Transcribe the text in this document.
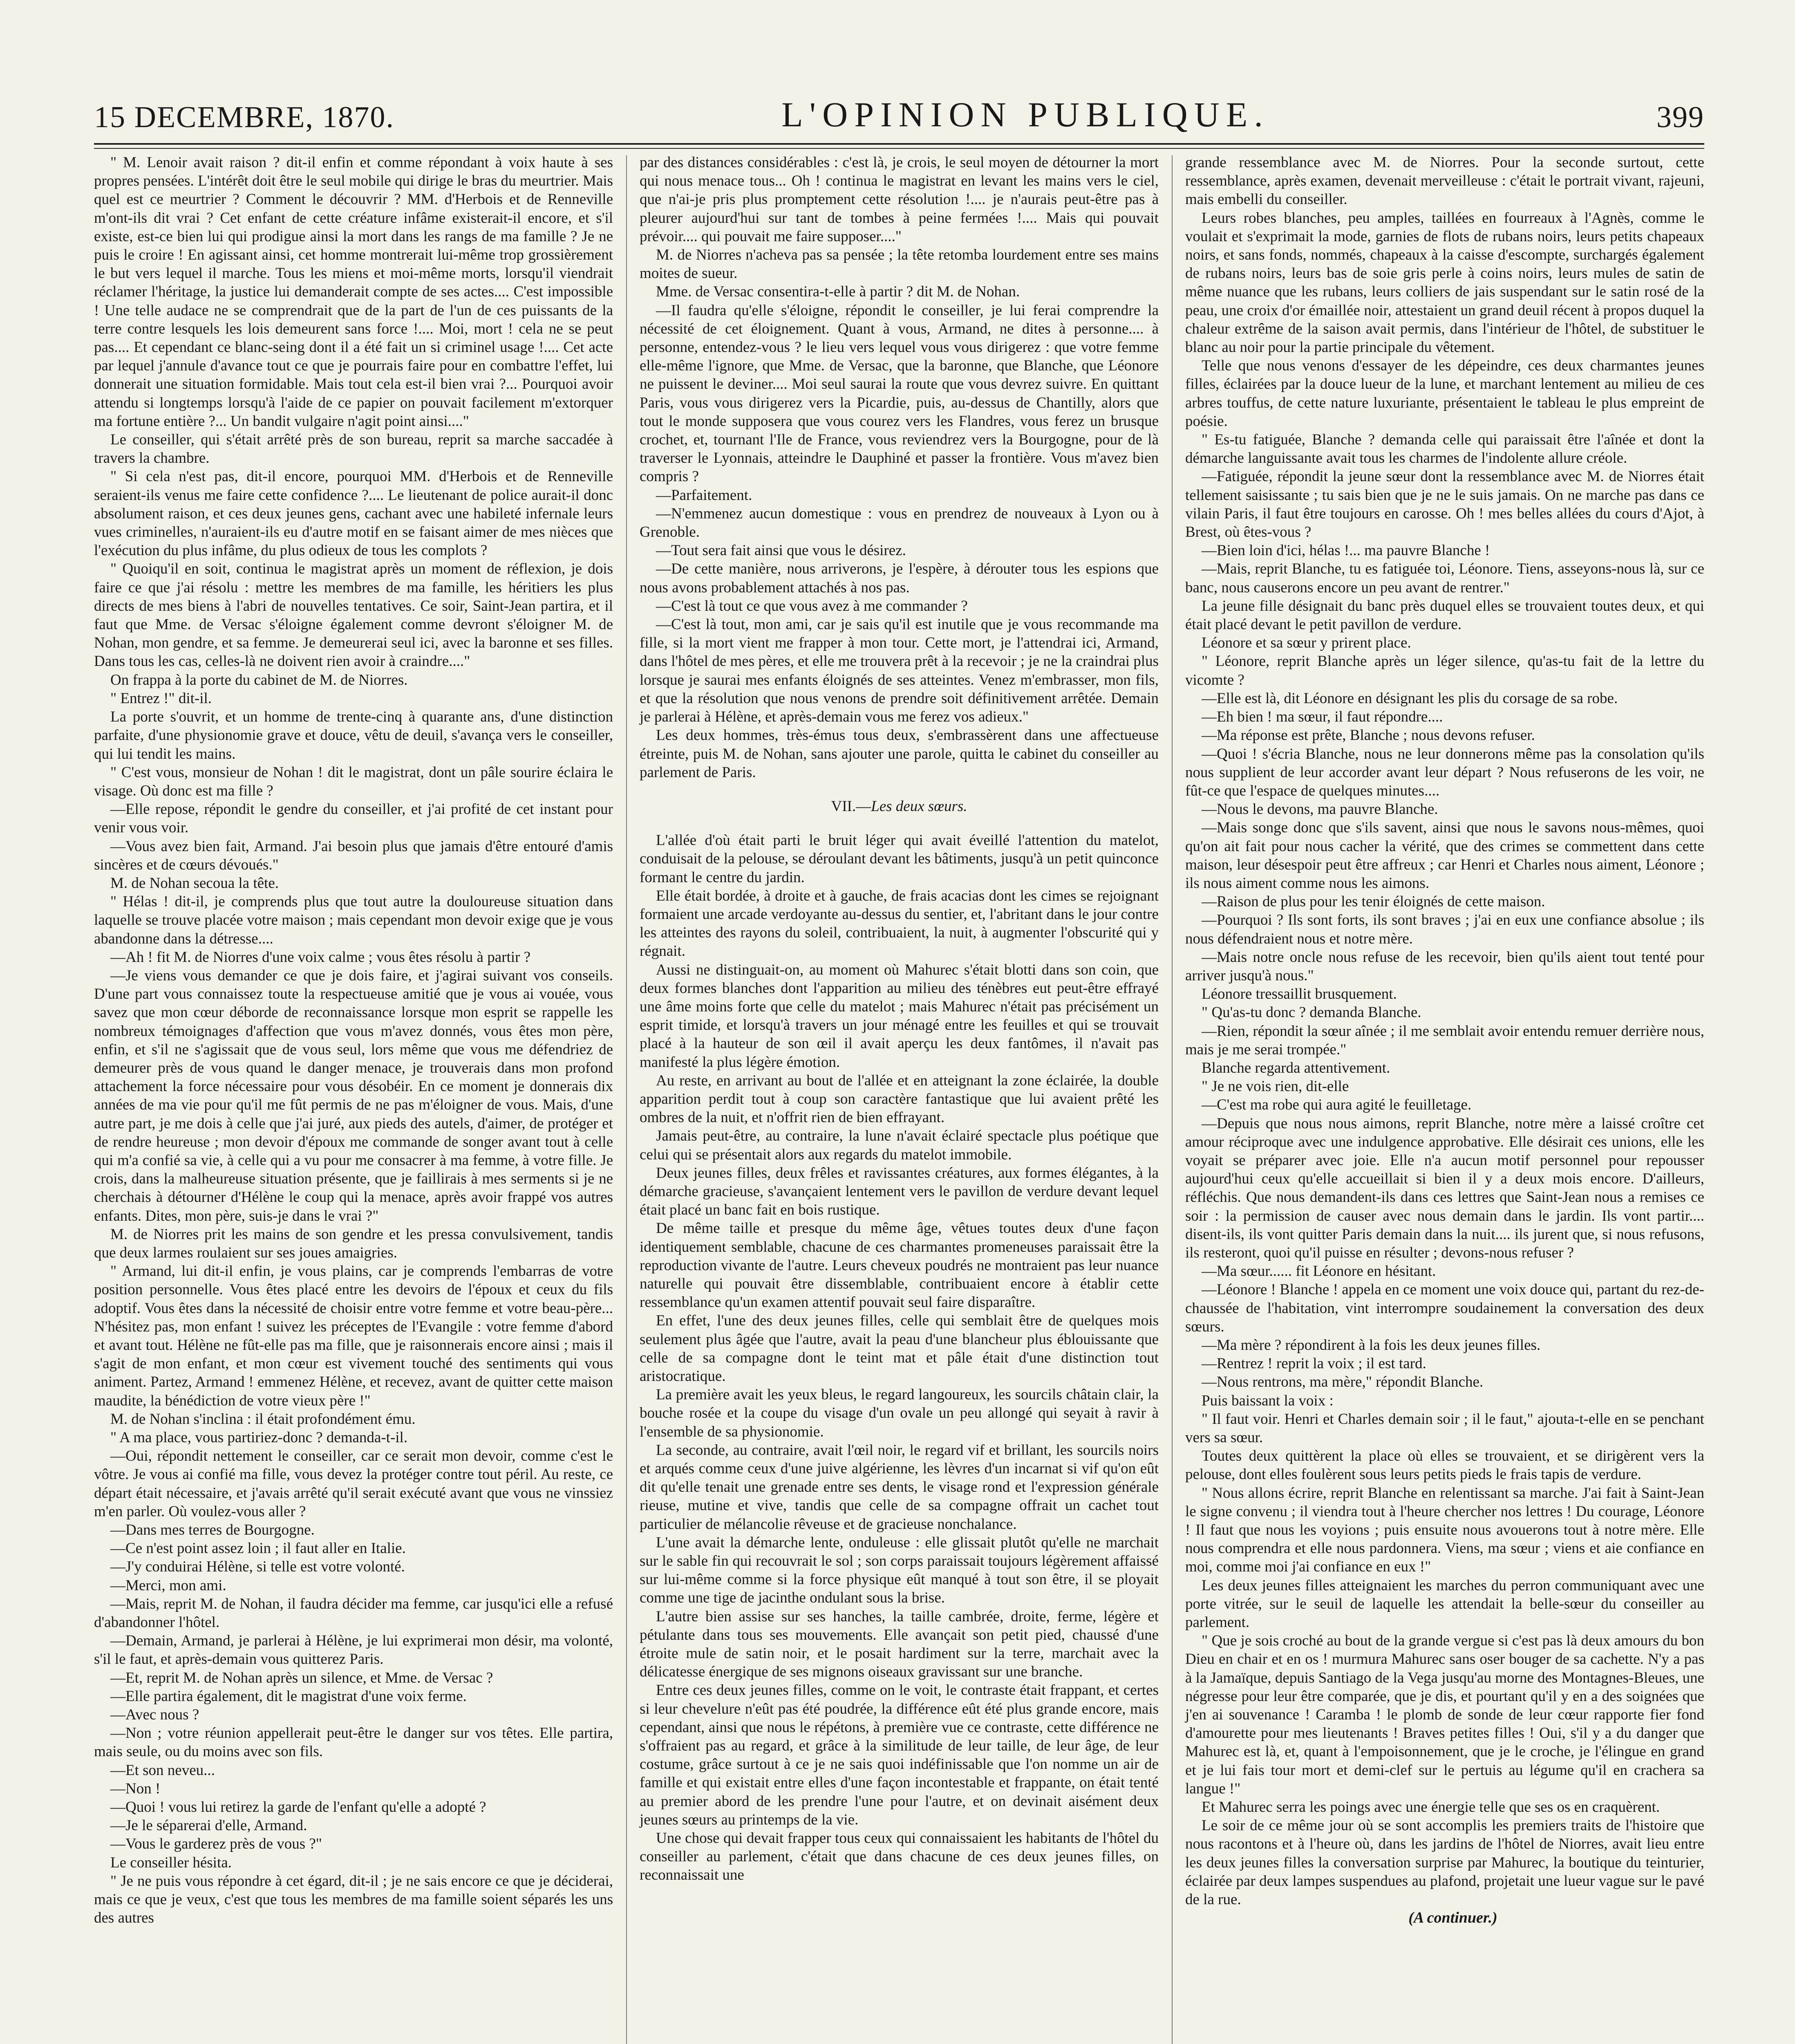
15 DECEMBRE, 1870.	L'OPINION PUBLIQUE.	399

" M. Lenoir avait raison ? dit-il enfin et comme répondant à voix haute à ses propres pensées. L'intérêt doit être le seul mobile qui dirige le bras du meurtrier. Mais quel est ce meurtrier ? Comment le découvrir ? MM. d'Herbois et de Renneville m'ont-ils dit vrai ? Cet enfant de cette créature infâme existerait-il encore, et s'il existe, est-ce bien lui qui prodigue ainsi la mort dans les rangs de ma famille ? Je ne puis le croire ! En agissant ainsi, cet homme montrerait lui-même trop grossièrement le but vers lequel il marche. Tous les miens et moi-même morts, lorsqu'il viendrait réclamer l'héritage, la justice lui demanderait compte de ses actes.... C'est impossible ! Une telle audace ne se comprendrait que de la part de l'un de ces puissants de la terre contre lesquels les lois demeurent sans force !.... Moi, mort ! cela ne se peut pas.... Et cependant ce blanc-seing dont il a été fait un si criminel usage !.... Cet acte par lequel j'annule d'avance tout ce que je pourrais faire pour en combattre l'effet, lui donnerait une situation formidable. Mais tout cela est-il bien vrai ?... Pourquoi avoir attendu si longtemps lorsqu'à l'aide de ce papier on pouvait facilement m'extorquer ma fortune entière ?... Un bandit vulgaire n'agit point ainsi...."

Le conseiller, qui s'était arrêté près de son bureau, reprit sa marche saccadée à travers la chambre.

" Si cela n'est pas, dit-il encore, pourquoi MM. d'Herbois et de Renneville seraient-ils venus me faire cette confidence ?.... Le lieutenant de police aurait-il donc absolument raison, et ces deux jeunes gens, cachant avec une habileté infernale leurs vues criminelles, n'auraient-ils eu d'autre motif en se faisant aimer de mes nièces que l'exécution du plus infâme, du plus odieux de tous les complots ?

" Quoiqu'il en soit, continua le magistrat après un moment de réflexion, je dois faire ce que j'ai résolu : mettre les membres de ma famille, les héritiers les plus directs de mes biens à l'abri de nouvelles tentatives. Ce soir, Saint-Jean partira, et il faut que Mme. de Versac s'éloigne également comme devront s'éloigner M. de Nohan, mon gendre, et sa femme. Je demeurerai seul ici, avec la baronne et ses filles. Dans tous les cas, celles-là ne doivent rien avoir à craindre...."

On frappa à la porte du cabinet de M. de Niorres.

" Entrez !" dit-il.

La porte s'ouvrit, et un homme de trente-cinq à quarante ans, d'une distinction parfaite, d'une physionomie grave et douce, vêtu de deuil, s'avança vers le conseiller, qui lui tendit les mains.

" C'est vous, monsieur de Nohan ! dit le magistrat, dont un pâle sourire éclaira le visage. Où donc est ma fille ?

—Elle repose, répondit le gendre du conseiller, et j'ai profité de cet instant pour venir vous voir.

—Vous avez bien fait, Armand. J'ai besoin plus que jamais d'être entouré d'amis sincères et de cœurs dévoués."

M. de Nohan secoua la tête.

" Hélas ! dit-il, je comprends plus que tout autre la douloureuse situation dans laquelle se trouve placée votre maison ; mais cependant mon devoir exige que je vous abandonne dans la détresse....

—Ah ! fit M. de Niorres d'une voix calme ; vous êtes résolu à partir ?

—Je viens vous demander ce que je dois faire, et j'agirai suivant vos conseils. D'une part vous connaissez toute la respectueuse amitié que je vous ai vouée, vous savez que mon cœur déborde de reconnaissance lorsque mon esprit se rappelle les nombreux témoignages d'affection que vous m'avez donnés, vous êtes mon père, enfin, et s'il ne s'agissait que de vous seul, lors même que vous me défendriez de demeurer près de vous quand le danger menace, je trouverais dans mon profond attachement la force nécessaire pour vous désobéir. En ce moment je donnerais dix années de ma vie pour qu'il me fût permis de ne pas m'éloigner de vous. Mais, d'une autre part, je me dois à celle que j'ai juré, aux pieds des autels, d'aimer, de protéger et de rendre heureuse ; mon devoir d'époux me commande de songer avant tout à celle qui m'a confié sa vie, à celle qui a vu pour me consacrer à ma femme, à votre fille. Je crois, dans la malheureuse situation présente, que je faillirais à mes serments si je ne cherchais à détourner d'Hélène le coup qui la menace, après avoir frappé vos autres enfants. Dites, mon père, suis-je dans le vrai ?"

M. de Niorres prit les mains de son gendre et les pressa convulsivement, tandis que deux larmes roulaient sur ses joues amaigries.

" Armand, lui dit-il enfin, je vous plains, car je comprends l'embarras de votre position personnelle. Vous êtes placé entre les devoirs de l'époux et ceux du fils adoptif. Vous êtes dans la nécessité de choisir entre votre femme et votre beau-père... N'hésitez pas, mon enfant ! suivez les préceptes de l'Evangile : votre femme d'abord et avant tout. Hélène ne fût-elle pas ma fille, que je raisonnerais encore ainsi ; mais il s'agit de mon enfant, et mon cœur est vivement touché des sentiments qui vous animent. Partez, Armand ! emmenez Hélène, et recevez, avant de quitter cette maison maudite, la bénédiction de votre vieux père !"

M. de Nohan s'inclina : il était profondément ému.

" A ma place, vous partiriez-donc ? demanda-t-il.

—Oui, répondit nettement le conseiller, car ce serait mon devoir, comme c'est le vôtre. Je vous ai confié ma fille, vous devez la protéger contre tout péril. Au reste, ce départ était nécessaire, et j'avais arrêté qu'il serait exécuté avant que vous ne vinssiez m'en parler. Où voulez-vous aller ?

—Dans mes terres de Bourgogne.

—Ce n'est point assez loin ; il faut aller en Italie.

—J'y conduirai Hélène, si telle est votre volonté.

—Merci, mon ami.

—Mais, reprit M. de Nohan, il faudra décider ma femme, car jusqu'ici elle a refusé d'abandonner l'hôtel.

—Demain, Armand, je parlerai à Hélène, je lui exprimerai mon désir, ma volonté, s'il le faut, et après-demain vous quitterez Paris.

—Et, reprit M. de Nohan après un silence, et Mme. de Versac ?

—Elle partira également, dit le magistrat d'une voix ferme.

—Avec nous ?

—Non ; votre réunion appellerait peut-être le danger sur vos têtes. Elle partira, mais seule, ou du moins avec son fils.

—Et son neveu...

—Non !

—Quoi ! vous lui retirez la garde de l'enfant qu'elle a adopté ?

—Je le séparerai d'elle, Armand.

—Vous le garderez près de vous ?"

Le conseiller hésita.

" Je ne puis vous répondre à cet égard, dit-il ; je ne sais encore ce que je déciderai, mais ce que je veux, c'est que tous les membres de ma famille soient séparés les uns des autres

par des distances considérables : c'est là, je crois, le seul moyen de détourner la mort qui nous menace tous... Oh ! continua le magistrat en levant les mains vers le ciel, que n'ai-je pris plus promptement cette résolution !.... je n'aurais peut-être pas à pleurer aujourd'hui sur tant de tombes à peine fermées !.... Mais qui pouvait prévoir.... qui pouvait me faire supposer...."

M. de Niorres n'acheva pas sa pensée ; la tête retomba lourdement entre ses mains moites de sueur.

Mme. de Versac consentira-t-elle à partir ? dit M. de Nohan.

—Il faudra qu'elle s'éloigne, répondit le conseiller, je lui ferai comprendre la nécessité de cet éloignement. Quant à vous, Armand, ne dites à personne.... à personne, entendez-vous ? le lieu vers lequel vous vous dirigerez : que votre femme elle-même l'ignore, que Mme. de Versac, que la baronne, que Blanche, que Léonore ne puissent le deviner.... Moi seul saurai la route que vous devrez suivre. En quittant Paris, vous vous dirigerez vers la Picardie, puis, au-dessus de Chantilly, alors que tout le monde supposera que vous courez vers les Flandres, vous ferez un brusque crochet, et, tournant l'Ile de France, vous reviendrez vers la Bourgogne, pour de là traverser le Lyonnais, atteindre le Dauphiné et passer la frontière. Vous m'avez bien compris ?

—Parfaitement.

—N'emmenez aucun domestique : vous en prendrez de nouveaux à Lyon ou à Grenoble.

—Tout sera fait ainsi que vous le désirez.

—De cette manière, nous arriverons, je l'espère, à dérouter tous les espions que nous avons probablement attachés à nos pas.

—C'est là tout ce que vous avez à me commander ?

—C'est là tout, mon ami, car je sais qu'il est inutile que je vous recommande ma fille, si la mort vient me frapper à mon tour. Cette mort, je l'attendrai ici, Armand, dans l'hôtel de mes pères, et elle me trouvera prêt à la recevoir ; je ne la craindrai plus lorsque je saurai mes enfants éloignés de ses atteintes. Venez m'embrasser, mon fils, et que la résolution que nous venons de prendre soit définitivement arrêtée. Demain je parlerai à Hélène, et après-demain vous me ferez vos adieux."

Les deux hommes, très-émus tous deux, s'embrassèrent dans une affectueuse étreinte, puis M. de Nohan, sans ajouter une parole, quitta le cabinet du conseiller au parlement de Paris.

VII.—Les deux sœurs.

L'allée d'où était parti le bruit léger qui avait éveillé l'attention du matelot, conduisait de la pelouse, se déroulant devant les bâtiments, jusqu'à un petit quinconce formant le centre du jardin.

Elle était bordée, à droite et à gauche, de frais acacias dont les cimes se rejoignant formaient une arcade verdoyante au-dessus du sentier, et, l'abritant dans le jour contre les atteintes des rayons du soleil, contribuaient, la nuit, à augmenter l'obscurité qui y régnait.

Aussi ne distinguait-on, au moment où Mahurec s'était blotti dans son coin, que deux formes blanches dont l'apparition au milieu des ténèbres eut peut-être effrayé une âme moins forte que celle du matelot ; mais Mahurec n'était pas précisément un esprit timide, et lorsqu'à travers un jour ménagé entre les feuilles et qui se trouvait placé à la hauteur de son œil il avait aperçu les deux fantômes, il n'avait pas manifesté la plus légère émotion.

Au reste, en arrivant au bout de l'allée et en atteignant la zone éclairée, la double apparition perdit tout à coup son caractère fantastique que lui avaient prêté les ombres de la nuit, et n'offrit rien de bien effrayant.

Jamais peut-être, au contraire, la lune n'avait éclairé spectacle plus poétique que celui qui se présentait alors aux regards du matelot immobile.

Deux jeunes filles, deux frêles et ravissantes créatures, aux formes élégantes, à la démarche gracieuse, s'avançaient lentement vers le pavillon de verdure devant lequel était placé un banc fait en bois rustique.

De même taille et presque du même âge, vêtues toutes deux d'une façon identiquement semblable, chacune de ces charmantes promeneuses paraissait être la reproduction vivante de l'autre. Leurs cheveux poudrés ne montraient pas leur nuance naturelle qui pouvait être dissemblable, contribuaient encore à établir cette ressemblance qu'un examen attentif pouvait seul faire disparaître.

En effet, l'une des deux jeunes filles, celle qui semblait être de quelques mois seulement plus âgée que l'autre, avait la peau d'une blancheur plus éblouissante que celle de sa compagne dont le teint mat et pâle était d'une distinction tout aristocratique.

La première avait les yeux bleus, le regard langoureux, les sourcils châtain clair, la bouche rosée et la coupe du visage d'un ovale un peu allongé qui seyait à ravir à l'ensemble de sa physionomie.

La seconde, au contraire, avait l'œil noir, le regard vif et brillant, les sourcils noirs et arqués comme ceux d'une juive algérienne, les lèvres d'un incarnat si vif qu'on eût dit qu'elle tenait une grenade entre ses dents, le visage rond et l'expression générale rieuse, mutine et vive, tandis que celle de sa compagne offrait un cachet tout particulier de mélancolie rêveuse et de gracieuse nonchalance.

L'une avait la démarche lente, onduleuse : elle glissait plutôt qu'elle ne marchait sur le sable fin qui recouvrait le sol ; son corps paraissait toujours légèrement affaissé sur lui-même comme si la force physique eût manqué à tout son être, il se ployait comme une tige de jacinthe ondulant sous la brise.

L'autre bien assise sur ses hanches, la taille cambrée, droite, ferme, légère et pétulante dans tous ses mouvements. Elle avançait son petit pied, chaussé d'une étroite mule de satin noir, et le posait hardiment sur la terre, marchait avec la délicatesse énergique de ses mignons oiseaux gravissant sur une branche.

Entre ces deux jeunes filles, comme on le voit, le contraste était frappant, et certes si leur chevelure n'eût pas été poudrée, la différence eût été plus grande encore, mais cependant, ainsi que nous le répétons, à première vue ce contraste, cette différence ne s'offraient pas au regard, et grâce à la similitude de leur taille, de leur âge, de leur costume, grâce surtout à ce je ne sais quoi indéfinissable que l'on nomme un air de famille et qui existait entre elles d'une façon incontestable et frappante, on était tenté au premier abord de les prendre l'une pour l'autre, et on devinait aisément deux jeunes sœurs au printemps de la vie.

Une chose qui devait frapper tous ceux qui connaissaient les habitants de l'hôtel du conseiller au parlement, c'était que dans chacune de ces deux jeunes filles, on reconnaissait une

grande ressemblance avec M. de Niorres. Pour la seconde surtout, cette ressemblance, après examen, devenait merveilleuse : c'était le portrait vivant, rajeuni, mais embelli du conseiller.

Leurs robes blanches, peu amples, taillées en fourreaux à l'Agnès, comme le voulait et s'exprimait la mode, garnies de flots de rubans noirs, leurs petits chapeaux noirs, et sans fonds, nommés, chapeaux à la caisse d'escompte, surchargés également de rubans noirs, leurs bas de soie gris perle à coins noirs, leurs mules de satin de même nuance que les rubans, leurs colliers de jais suspendant sur le satin rosé de la peau, une croix d'or émaillée noir, attestaient un grand deuil récent à propos duquel la chaleur extrême de la saison avait permis, dans l'intérieur de l'hôtel, de substituer le blanc au noir pour la partie principale du vêtement.

Telle que nous venons d'essayer de les dépeindre, ces deux charmantes jeunes filles, éclairées par la douce lueur de la lune, et marchant lentement au milieu de ces arbres touffus, de cette nature luxuriante, présentaient le tableau le plus empreint de poésie.

" Es-tu fatiguée, Blanche ? demanda celle qui paraissait être l'aînée et dont la démarche languissante avait tous les charmes de l'indolente allure créole.

—Fatiguée, répondit la jeune sœur dont la ressemblance avec M. de Niorres était tellement saisissante ; tu sais bien que je ne le suis jamais. On ne marche pas dans ce vilain Paris, il faut être toujours en carosse. Oh ! mes belles allées du cours d'Ajot, à Brest, où êtes-vous ?

—Bien loin d'ici, hélas !... ma pauvre Blanche !

—Mais, reprit Blanche, tu es fatiguée toi, Léonore. Tiens, asseyons-nous là, sur ce banc, nous causerons encore un peu avant de rentrer."

La jeune fille désignait du banc près duquel elles se trouvaient toutes deux, et qui était placé devant le petit pavillon de verdure.

Léonore et sa sœur y prirent place.

" Léonore, reprit Blanche après un léger silence, qu'as-tu fait de la lettre du vicomte ?

—Elle est là, dit Léonore en désignant les plis du corsage de sa robe.

—Eh bien ! ma sœur, il faut répondre....

—Ma réponse est prête, Blanche ; nous devons refuser.

—Quoi ! s'écria Blanche, nous ne leur donnerons même pas la consolation qu'ils nous supplient de leur accorder avant leur départ ? Nous refuserons de les voir, ne fût-ce que l'espace de quelques minutes....

—Nous le devons, ma pauvre Blanche.

—Mais songe donc que s'ils savent, ainsi que nous le savons nous-mêmes, quoi qu'on ait fait pour nous cacher la vérité, que des crimes se commettent dans cette maison, leur désespoir peut être affreux ; car Henri et Charles nous aiment, Léonore ; ils nous aiment comme nous les aimons.

—Raison de plus pour les tenir éloignés de cette maison.

—Pourquoi ? Ils sont forts, ils sont braves ; j'ai en eux une confiance absolue ; ils nous défendraient nous et notre mère.

—Mais notre oncle nous refuse de les recevoir, bien qu'ils aient tout tenté pour arriver jusqu'à nous."

Léonore tressaillit brusquement.

" Qu'as-tu donc ? demanda Blanche.

—Rien, répondit la sœur aînée ; il me semblait avoir entendu remuer derrière nous, mais je me serai trompée."

Blanche regarda attentivement.

" Je ne vois rien, dit-elle

—C'est ma robe qui aura agité le feuilletage.

—Depuis que nous nous aimons, reprit Blanche, notre mère a laissé croître cet amour réciproque avec une indulgence approbative. Elle désirait ces unions, elle les voyait se préparer avec joie. Elle n'a aucun motif personnel pour repousser aujourd'hui ceux qu'elle accueillait si bien il y a deux mois encore. D'ailleurs, réfléchis. Que nous demandent-ils dans ces lettres que Saint-Jean nous a remises ce soir : la permission de causer avec nous demain dans le jardin. Ils vont partir.... disent-ils, ils vont quitter Paris demain dans la nuit.... ils jurent que, si nous refusons, ils resteront, quoi qu'il puisse en résulter ; devons-nous refuser ?

—Ma sœur...... fit Léonore en hésitant.

—Léonore ! Blanche ! appela en ce moment une voix douce qui, partant du rez-de-chaussée de l'habitation, vint interrompre soudainement la conversation des deux sœurs.

—Ma mère ? répondirent à la fois les deux jeunes filles.

—Rentrez ! reprit la voix ; il est tard.

—Nous rentrons, ma mère," répondit Blanche.

Puis baissant la voix :

" Il faut voir. Henri et Charles demain soir ; il le faut," ajouta-t-elle en se penchant vers sa sœur.

Toutes deux quittèrent la place où elles se trouvaient, et se dirigèrent vers la pelouse, dont elles foulèrent sous leurs petits pieds le frais tapis de verdure.

" Nous allons écrire, reprit Blanche en relentissant sa marche. J'ai fait à Saint-Jean le signe convenu ; il viendra tout à l'heure chercher nos lettres ! Du courage, Léonore ! Il faut que nous les voyions ; puis ensuite nous avouerons tout à notre mère. Elle nous comprendra et elle nous pardonnera. Viens, ma sœur ; viens et aie confiance en moi, comme moi j'ai confiance en eux !"

Les deux jeunes filles atteignaient les marches du perron communiquant avec une porte vitrée, sur le seuil de laquelle les attendait la belle-sœur du conseiller au parlement.

" Que je sois croché au bout de la grande vergue si c'est pas là deux amours du bon Dieu en chair et en os ! murmura Mahurec sans oser bouger de sa cachette. N'y a pas à la Jamaïque, depuis Santiago de la Vega jusqu'au morne des Montagnes-Bleues, une négresse pour leur être comparée, que je dis, et pourtant qu'il y en a des soignées que j'en ai souvenance ! Caramba ! le plomb de sonde de leur cœur rapporte fier fond d'amourette pour mes lieutenants ! Braves petites filles ! Oui, s'il y a du danger que Mahurec est là, et, quant à l'empoisonnement, que je le croche, je l'élingue en grand et je lui fais tour mort et demi-clef sur le pertuis au légume qu'il en crachera sa langue !"

Et Mahurec serra les poings avec une énergie telle que ses os en craquèrent.

Le soir de ce même jour où se sont accomplis les premiers traits de l'histoire que nous racontons et à l'heure où, dans les jardins de l'hôtel de Niorres, avait lieu entre les deux jeunes filles la conversation surprise par Mahurec, la boutique du teinturier, éclairée par deux lampes suspendues au plafond, projetait une lueur vague sur le pavé de la rue.

(A continuer.)
